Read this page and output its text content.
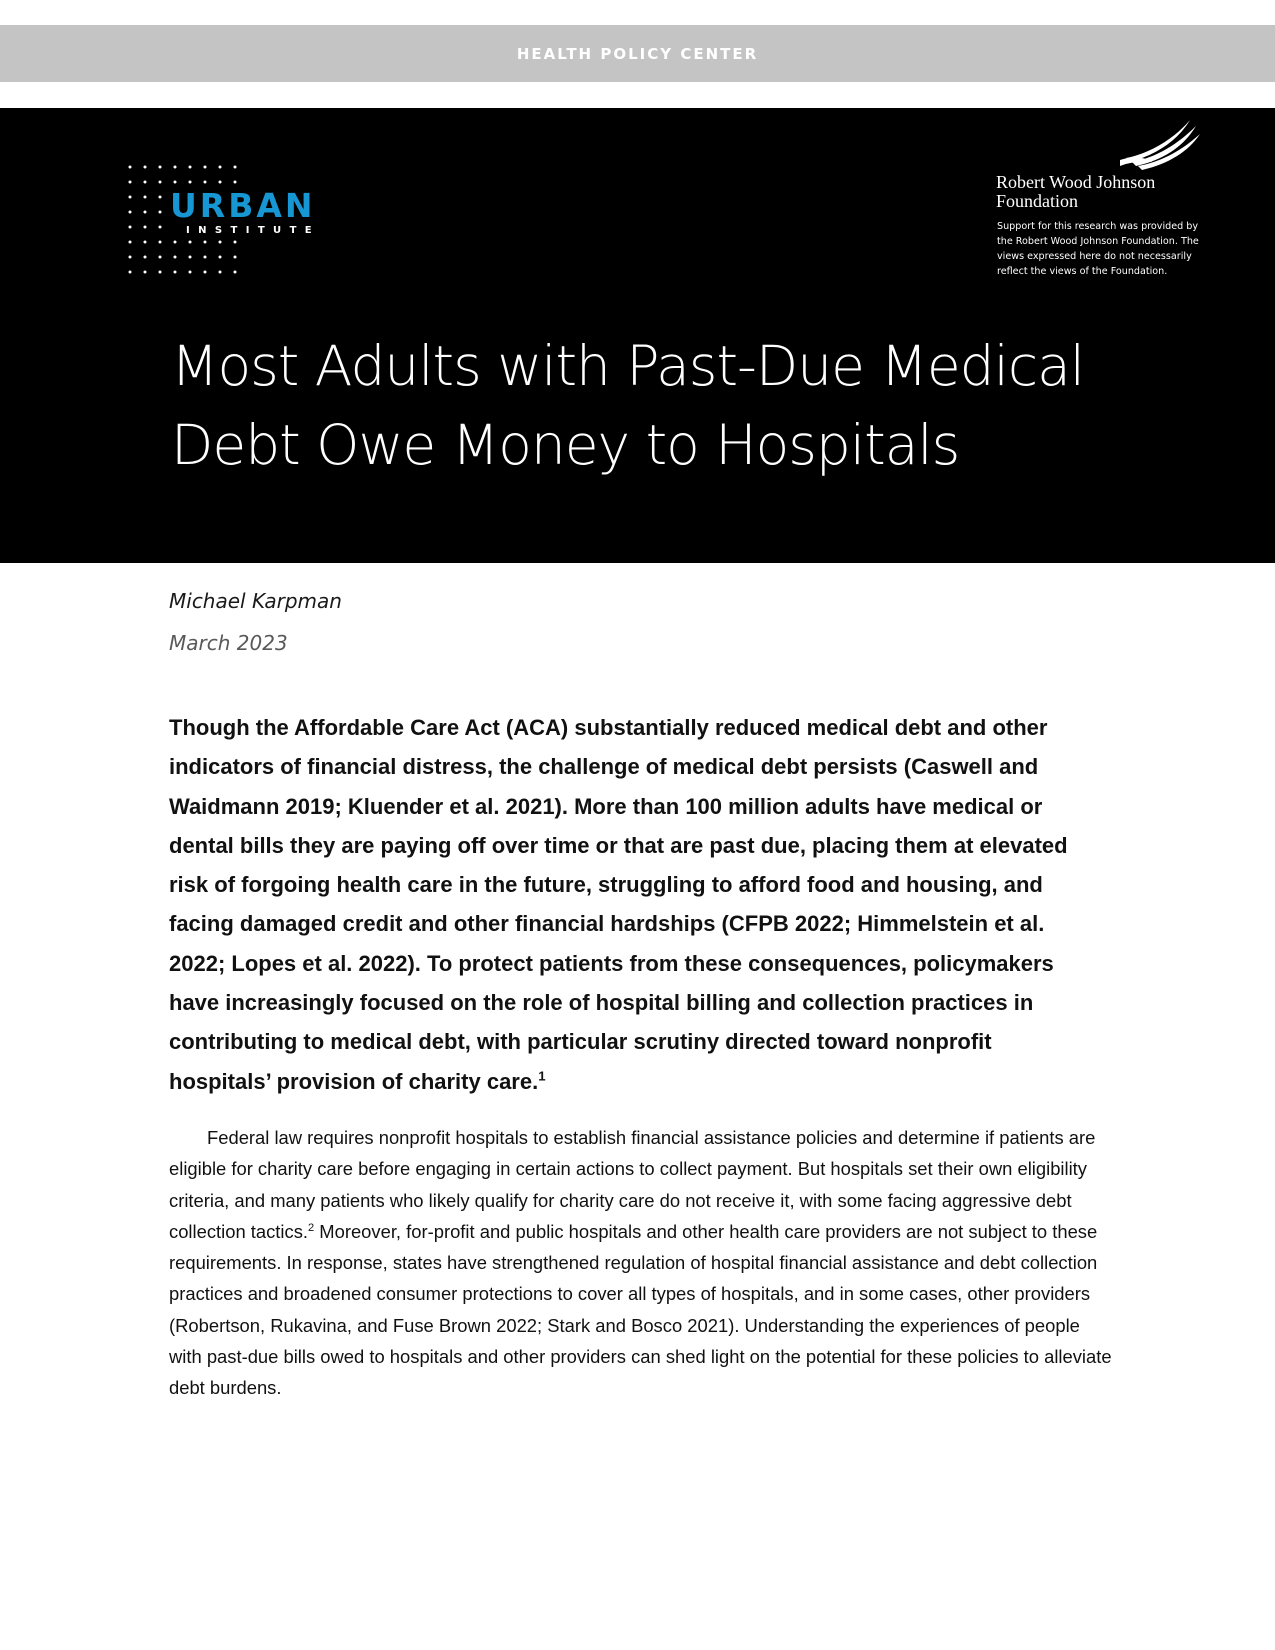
HEALTH POLICY CENTER
URBAN
INSTITUTE
Robert Wood Johnson
Foundation
Support for this research was provided by the Robert Wood Johnson Foundation. The views expressed here do not necessarily reflect the views of the Foundation.
Most Adults with Past-Due Medical
Debt Owe Money to Hospitals
Michael Karpman
March 2023

Though the Affordable Care Act (ACA) substantially reduced medical debt and other indicators of financial distress, the challenge of medical debt persists (Caswell and Waidmann 2019; Kluender et al. 2021). More than 100 million adults have medical or dental bills they are paying off over time or that are past due, placing them at elevated risk of forgoing health care in the future, struggling to afford food and housing, and facing damaged credit and other financial hardships (CFPB 2022; Himmelstein et al. 2022; Lopes et al. 2022). To protect patients from these consequences, policymakers have increasingly focused on the role of hospital billing and collection practices in contributing to medical debt, with particular scrutiny directed toward nonprofit hospitals’ provision of charity care.$^1$

Federal law requires nonprofit hospitals to establish financial assistance policies and determine if patients are eligible for charity care before engaging in certain actions to collect payment. But hospitals set their own eligibility criteria, and many patients who likely qualify for charity care do not receive it, with some facing aggressive debt collection tactics.$^2$ Moreover, for-profit and public hospitals and other health care providers are not subject to these requirements. In response, states have strengthened regulation of hospital financial assistance and debt collection practices and broadened consumer protections to cover all types of hospitals, and in some cases, other providers (Robertson, Rukavina, and Fuse Brown 2022; Stark and Bosco 2021). Understanding the experiences of people with past-due bills owed to hospitals and other providers can shed light on the potential for these policies to alleviate debt burdens.
